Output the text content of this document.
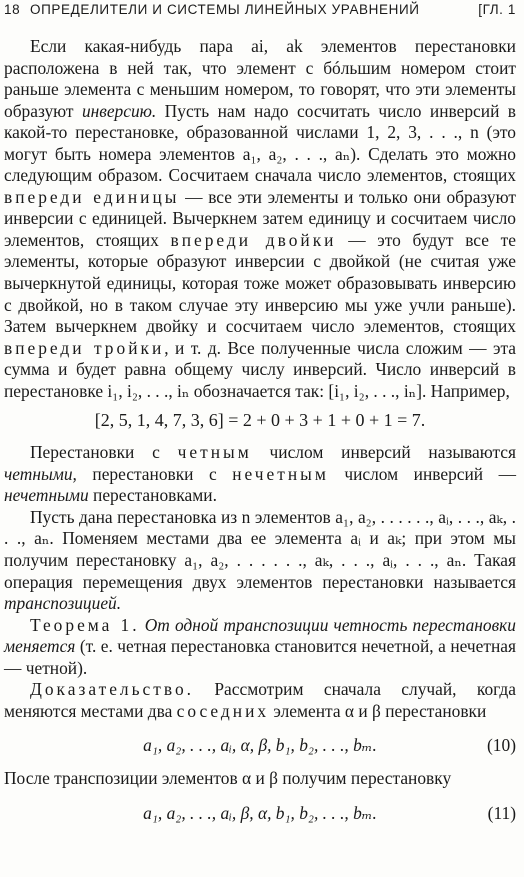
18 ОПРЕДЕЛИТЕЛИ И СИСТЕМЫ ЛИНЕЙНЫХ УРАВНЕНИЙ	[ГЛ. 1

Если какая-нибудь пара ai, ak элементов перестановки расположена в ней так, что элемент с бóльшим номером стоит раньше элемента с меньшим номером, то говорят, что эти элементы образуют инверсию. Пусть нам надо сосчитать число инверсий в какой-то перестановке, образованной числами 1, 2, 3, . . ., n (это могут быть номера элементов a₁, a₂, . . ., aₙ). Сделать это можно следующим образом. Сосчитаем сначала число элементов, стоящих впереди единицы — все эти элементы и только они образуют инверсии с единицей. Вычеркнем затем единицу и сосчитаем число элементов, стоящих впереди двойки — это будут все те элементы, которые образуют инверсии с двойкой (не считая уже вычеркнутой единицы, которая тоже может образовывать инверсию с двойкой, но в таком случае эту инверсию мы уже учли раньше). Затем вычеркнем двойку и сосчитаем число элементов, стоящих впереди тройки, и т. д. Все полученные числа сложим — эта сумма и будет равна общему числу инверсий. Число инверсий в перестановке i₁, i₂, . . ., iₙ обозначается так: [i₁, i₂, . . ., iₙ]. Например,

[2, 5, 1, 4, 7, 3, 6] = 2 + 0 + 3 + 1 + 0 + 1 = 7.

Перестановки с четным числом инверсий называются четными, перестановки с нечетным числом инверсий — нечетными перестановками.

Пусть дана перестановка из n элементов a₁, a₂, . . . . . ., aᵢ, . . ., aₖ, . . ., aₙ. Поменяем местами два ее элемента aᵢ и aₖ; при этом мы получим перестановку a₁, a₂, . . . . . ., aₖ, . . ., aᵢ, . . ., aₙ. Такая операция перемещения двух элементов перестановки называется транспозицией.

Теорема 1. От одной транспозиции четность перестановки меняется (т. е. четная перестановка становится нечетной, а нечетная — четной).

Доказательство. Рассмотрим сначала случай, когда меняются местами два соседних элемента α и β перестановки

a₁, a₂, . . ., aᵢ, α, β, b₁, b₂, . . ., bₘ.	(10)

После транспозиции элементов α и β получим перестановку

a₁, a₂, . . ., aᵢ, β, α, b₁, b₂, . . ., bₘ.	(11)
